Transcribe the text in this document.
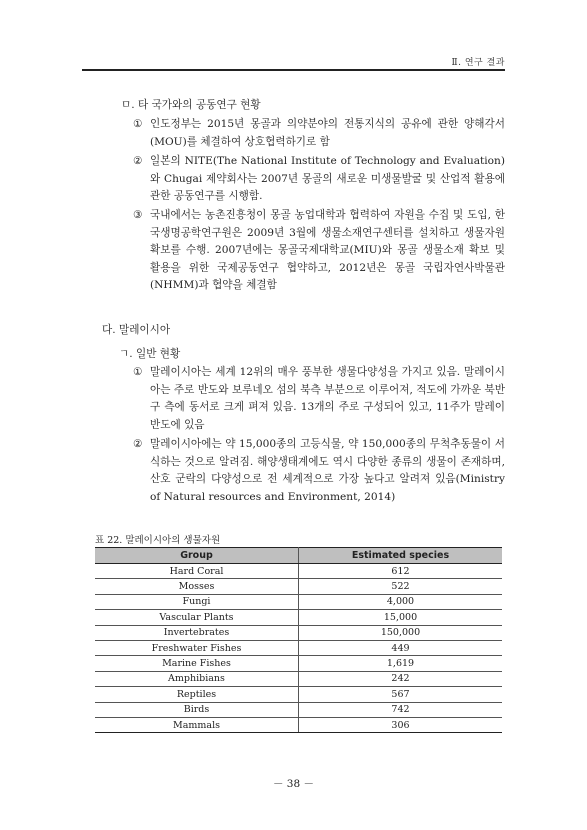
Ⅱ. 연구 결과
ㅁ. 타 국가와의 공동연구 현황
① 인도정부는 2015년 몽골과 의약분야의 전통지식의 공유에 관한 양해각서(MOU)를 체결하여 상호협력하기로 함
② 일본의 NITE(The National Institute of Technology and Evaluation)와 Chugai 제약회사는 2007년 몽골의 새로운 미생물발굴 및 산업적 활용에 관한 공동연구를 시행함.
③ 국내에서는 농촌진흥청이 몽골 농업대학과 협력하여 자원을 수집 및 도입, 한국생명공학연구원은 2009년 3월에 생물소재연구센터를 설치하고 생물자원 확보를 수행. 2007년에는 몽골국제대학교(MIU)와 몽골 생물소재 확보 및 활용을 위한 국제공동연구 협약하고, 2012년은 몽골 국립자연사박물관 (NHMM)과 협약을 체결함
다. 말레이시아
ㄱ. 일반 현황
① 말레이시아는 세계 12위의 매우 풍부한 생물다양성을 가지고 있음. 말레이시아는 주로 반도와 보루네오 섬의 북측 부분으로 이루어져, 적도에 가까운 북반구 측에 동서로 크게 펴져 있음. 13개의 주로 구성되어 있고, 11주가 말레이반도에 있음
② 말레이시아에는 약 15,000종의 고등식물, 약 150,000종의 무척추동물이 서식하는 것으로 알려짐. 해양생태계에도 역시 다양한 종류의 생물이 존재하며, 산호 군락의 다양성으로 전 세계적으로 가장 높다고 알려져 있음(Ministry of Natural resources and Environment, 2014)
표 22. 말레이시아의 생물자원
Group	Estimated species
Hard Coral	612
Mosses	522
Fungi	4,000
Vascular Plants	15,000
Invertebrates	150,000
Freshwater Fishes	449
Marine Fishes	1,619
Amphibians	242
Reptiles	567
Birds	742
Mammals	306
－ 38 －
